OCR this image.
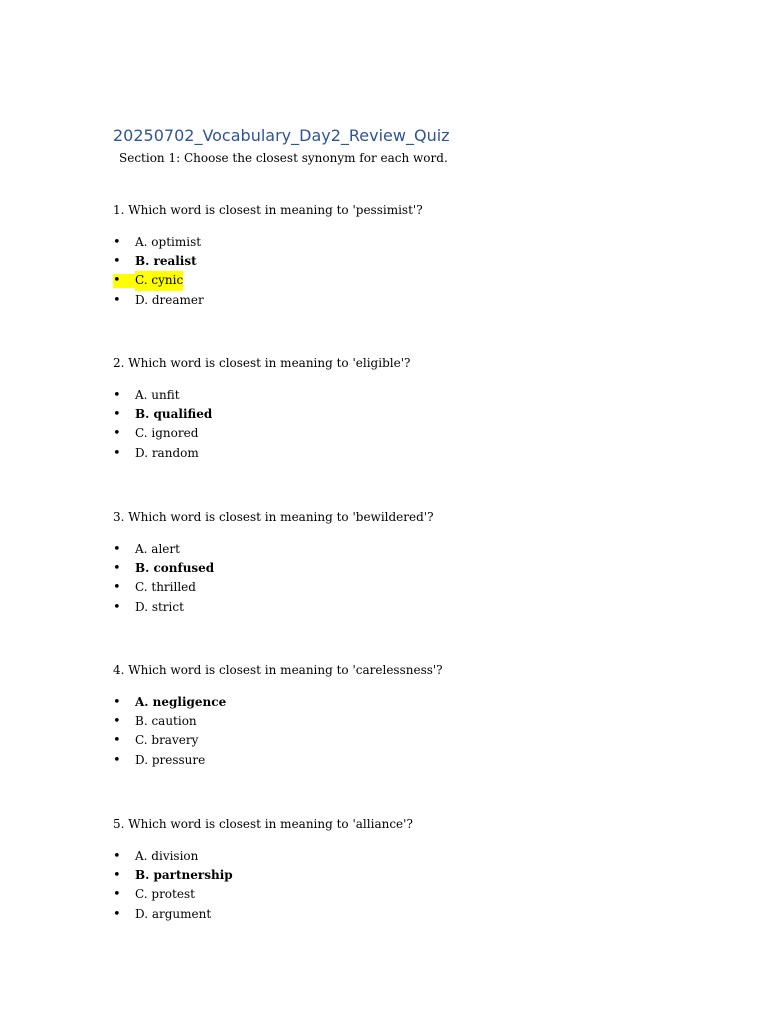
20250702_Vocabulary_Day2_Review_Quiz

Section 1: Choose the closest synonym for each word.

1. Which word is closest in meaning to 'pessimist'?

• A. optimist
• B. realist
• C. cynic
• D. dreamer

2. Which word is closest in meaning to 'eligible'?

• A. unfit
• B. qualified
• C. ignored
• D. random

3. Which word is closest in meaning to 'bewildered'?

• A. alert
• B. confused
• C. thrilled
• D. strict

4. Which word is closest in meaning to 'carelessness'?

• A. negligence
• B. caution
• C. bravery
• D. pressure

5. Which word is closest in meaning to 'alliance'?

• A. division
• B. partnership
• C. protest
• D. argument
